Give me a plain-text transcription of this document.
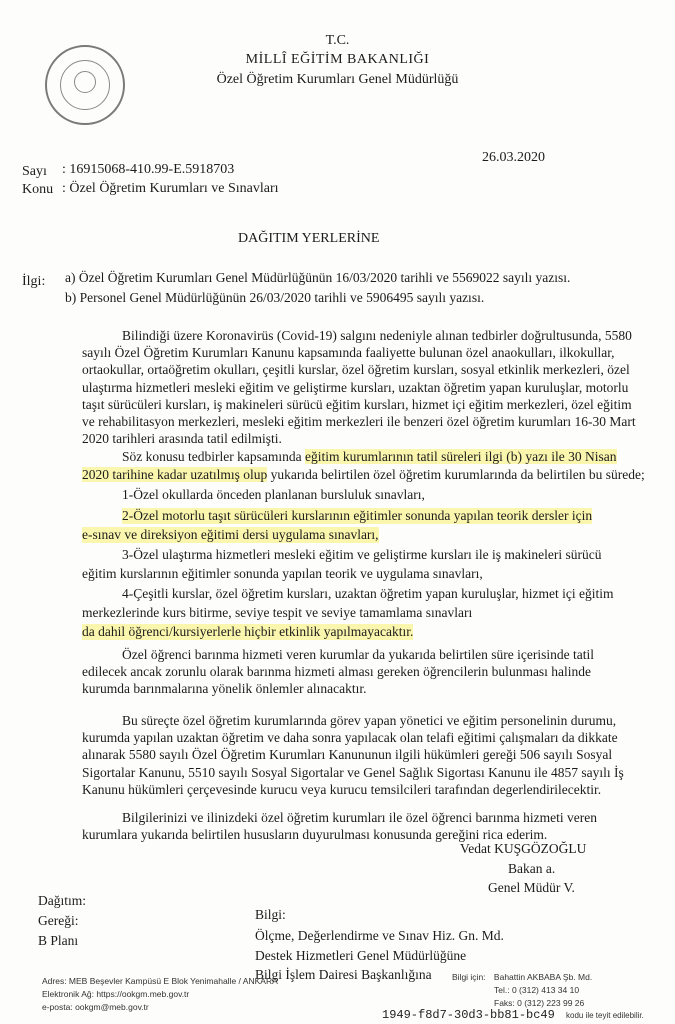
T.C.
MİLLÎ EĞİTİM BAKANLIĞI
Özel Öğretim Kurumları Genel Müdürlüğü
Sayı : 16915068-410.99-E.5918703
26.03.2020
Konu : Özel Öğretim Kurumları ve Sınavları
DAĞITIM YERLERİNE
İlgi: a) Özel Öğretim Kurumları Genel Müdürlüğünün 16/03/2020 tarihli ve 5569022 sayılı yazısı.
b) Personel Genel Müdürlüğünün 26/03/2020 tarihli ve 5906495 sayılı yazısı.
Bilindiği üzere Koronavirüs (Covid-19) salgını nedeniyle alınan tedbirler doğrultusunda, 5580
sayılı Özel Öğretim Kurumları Kanunu kapsamında faaliyette bulunan özel anaokulları, ilkokullar,
ortaokullar, ortaöğretim okulları, çeşitli kurslar, özel öğretim kursları, sosyal etkinlik merkezleri, özel
ulaştırma hizmetleri mesleki eğitim ve geliştirme kursları, uzaktan öğretim yapan kuruluşlar, motorlu
taşıt sürücüleri kursları, iş makineleri sürücü eğitim kursları, hizmet içi eğitim merkezleri, özel eğitim
ve rehabilitasyon merkezleri, mesleki eğitim merkezleri ile benzeri özel öğretim kurumları 16-30 Mart
2020 tarihleri arasında tatil edilmişti.
Söz konusu tedbirler kapsamında eğitim kurumlarının tatil süreleri ilgi (b) yazı ile 30 Nisan
2020 tarihine kadar uzatılmış olup yukarıda belirtilen özel öğretim kurumlarında da belirtilen bu sürede;
1-Özel okullarda önceden planlanan bursluluk sınavları,
2-Özel motorlu taşıt sürücüleri kurslarının eğitimler sonunda yapılan teorik dersler için
e-sınav ve direksiyon eğitimi dersi uygulama sınavları,
3-Özel ulaştırma hizmetleri mesleki eğitim ve geliştirme kursları ile iş makineleri sürücü
eğitim kurslarının eğitimler sonunda yapılan teorik ve uygulama sınavları,
4-Çeşitli kurslar, özel öğretim kursları, uzaktan öğretim yapan kuruluşlar, hizmet içi eğitim
merkezlerinde kurs bitirme, seviye tespit ve seviye tamamlama sınavları
da dahil öğrenci/kursiyerlerle hiçbir etkinlik yapılmayacaktır.
Özel öğrenci barınma hizmeti veren kurumlar da yukarıda belirtilen süre içerisinde tatil
edilecek ancak zorunlu olarak barınma hizmeti alması gereken öğrencilerin bulunması halinde
kurumda barınmalarına yönelik önlemler alınacaktır.
Bu süreçte özel öğretim kurumlarında görev yapan yönetici ve eğitim personelinin durumu,
kurumda yapılan uzaktan öğretim ve daha sonra yapılacak olan telafi eğitimi çalışmaları da dikkate
alınarak 5580 sayılı Özel Öğretim Kurumları Kanununun ilgili hükümleri gereği 506 sayılı Sosyal
Sigortalar Kanunu, 5510 sayılı Sosyal Sigortalar ve Genel Sağlık Sigortası Kanunu ile 4857 sayılı İş
Kanunu hükümleri çerçevesinde kurucu veya kurucu temsilcileri tarafından degerlendirilecektir.
Bilgilerinizi ve ilinizdeki özel öğretim kurumları ile özel öğrenci barınma hizmeti veren
kurumlara yukarıda belirtilen hususların duyurulması konusunda gereğini rica ederim.
Vedat KUŞGÖZOĞLU
Bakan a.
Genel Müdür V.
Dağıtım:
Gereği:
B Planı
Bilgi:
Ölçme, Değerlendirme ve Sınav Hiz. Gn. Md.
Destek Hizmetleri Genel Müdürlüğüne
Bilgi İşlem Dairesi Başkanlığına
Adres: MEB Beşevler Kampüsü E Blok Yenimahalle / ANKARA
Elektronik Ağ: https://ookgm.meb.gov.tr
e-posta: ookgm@meb.gov.tr
Bilgi için: Bahattin AKBABA Şb. Md.
Tel.: 0 (312) 413 34 10
Faks: 0 (312) 223 99 26
1949-f8d7-30d3-bb81-bc49 kodu ile teyit edilebilir.
